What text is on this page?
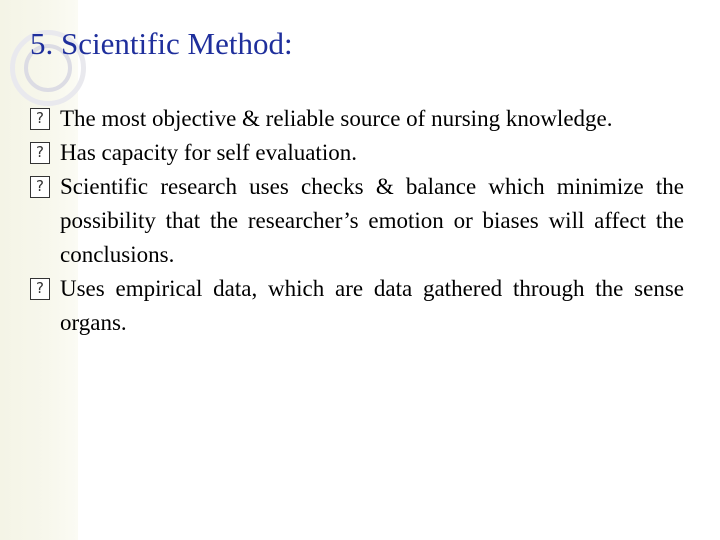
5. Scientific Method:
? The most objective & reliable source of nursing knowledge.
? Has capacity for self evaluation.
? Scientific research uses checks & balance which minimize the possibility that the researcher’s emotion or biases will affect the conclusions.
? Uses empirical data, which are data gathered through the sense organs.
